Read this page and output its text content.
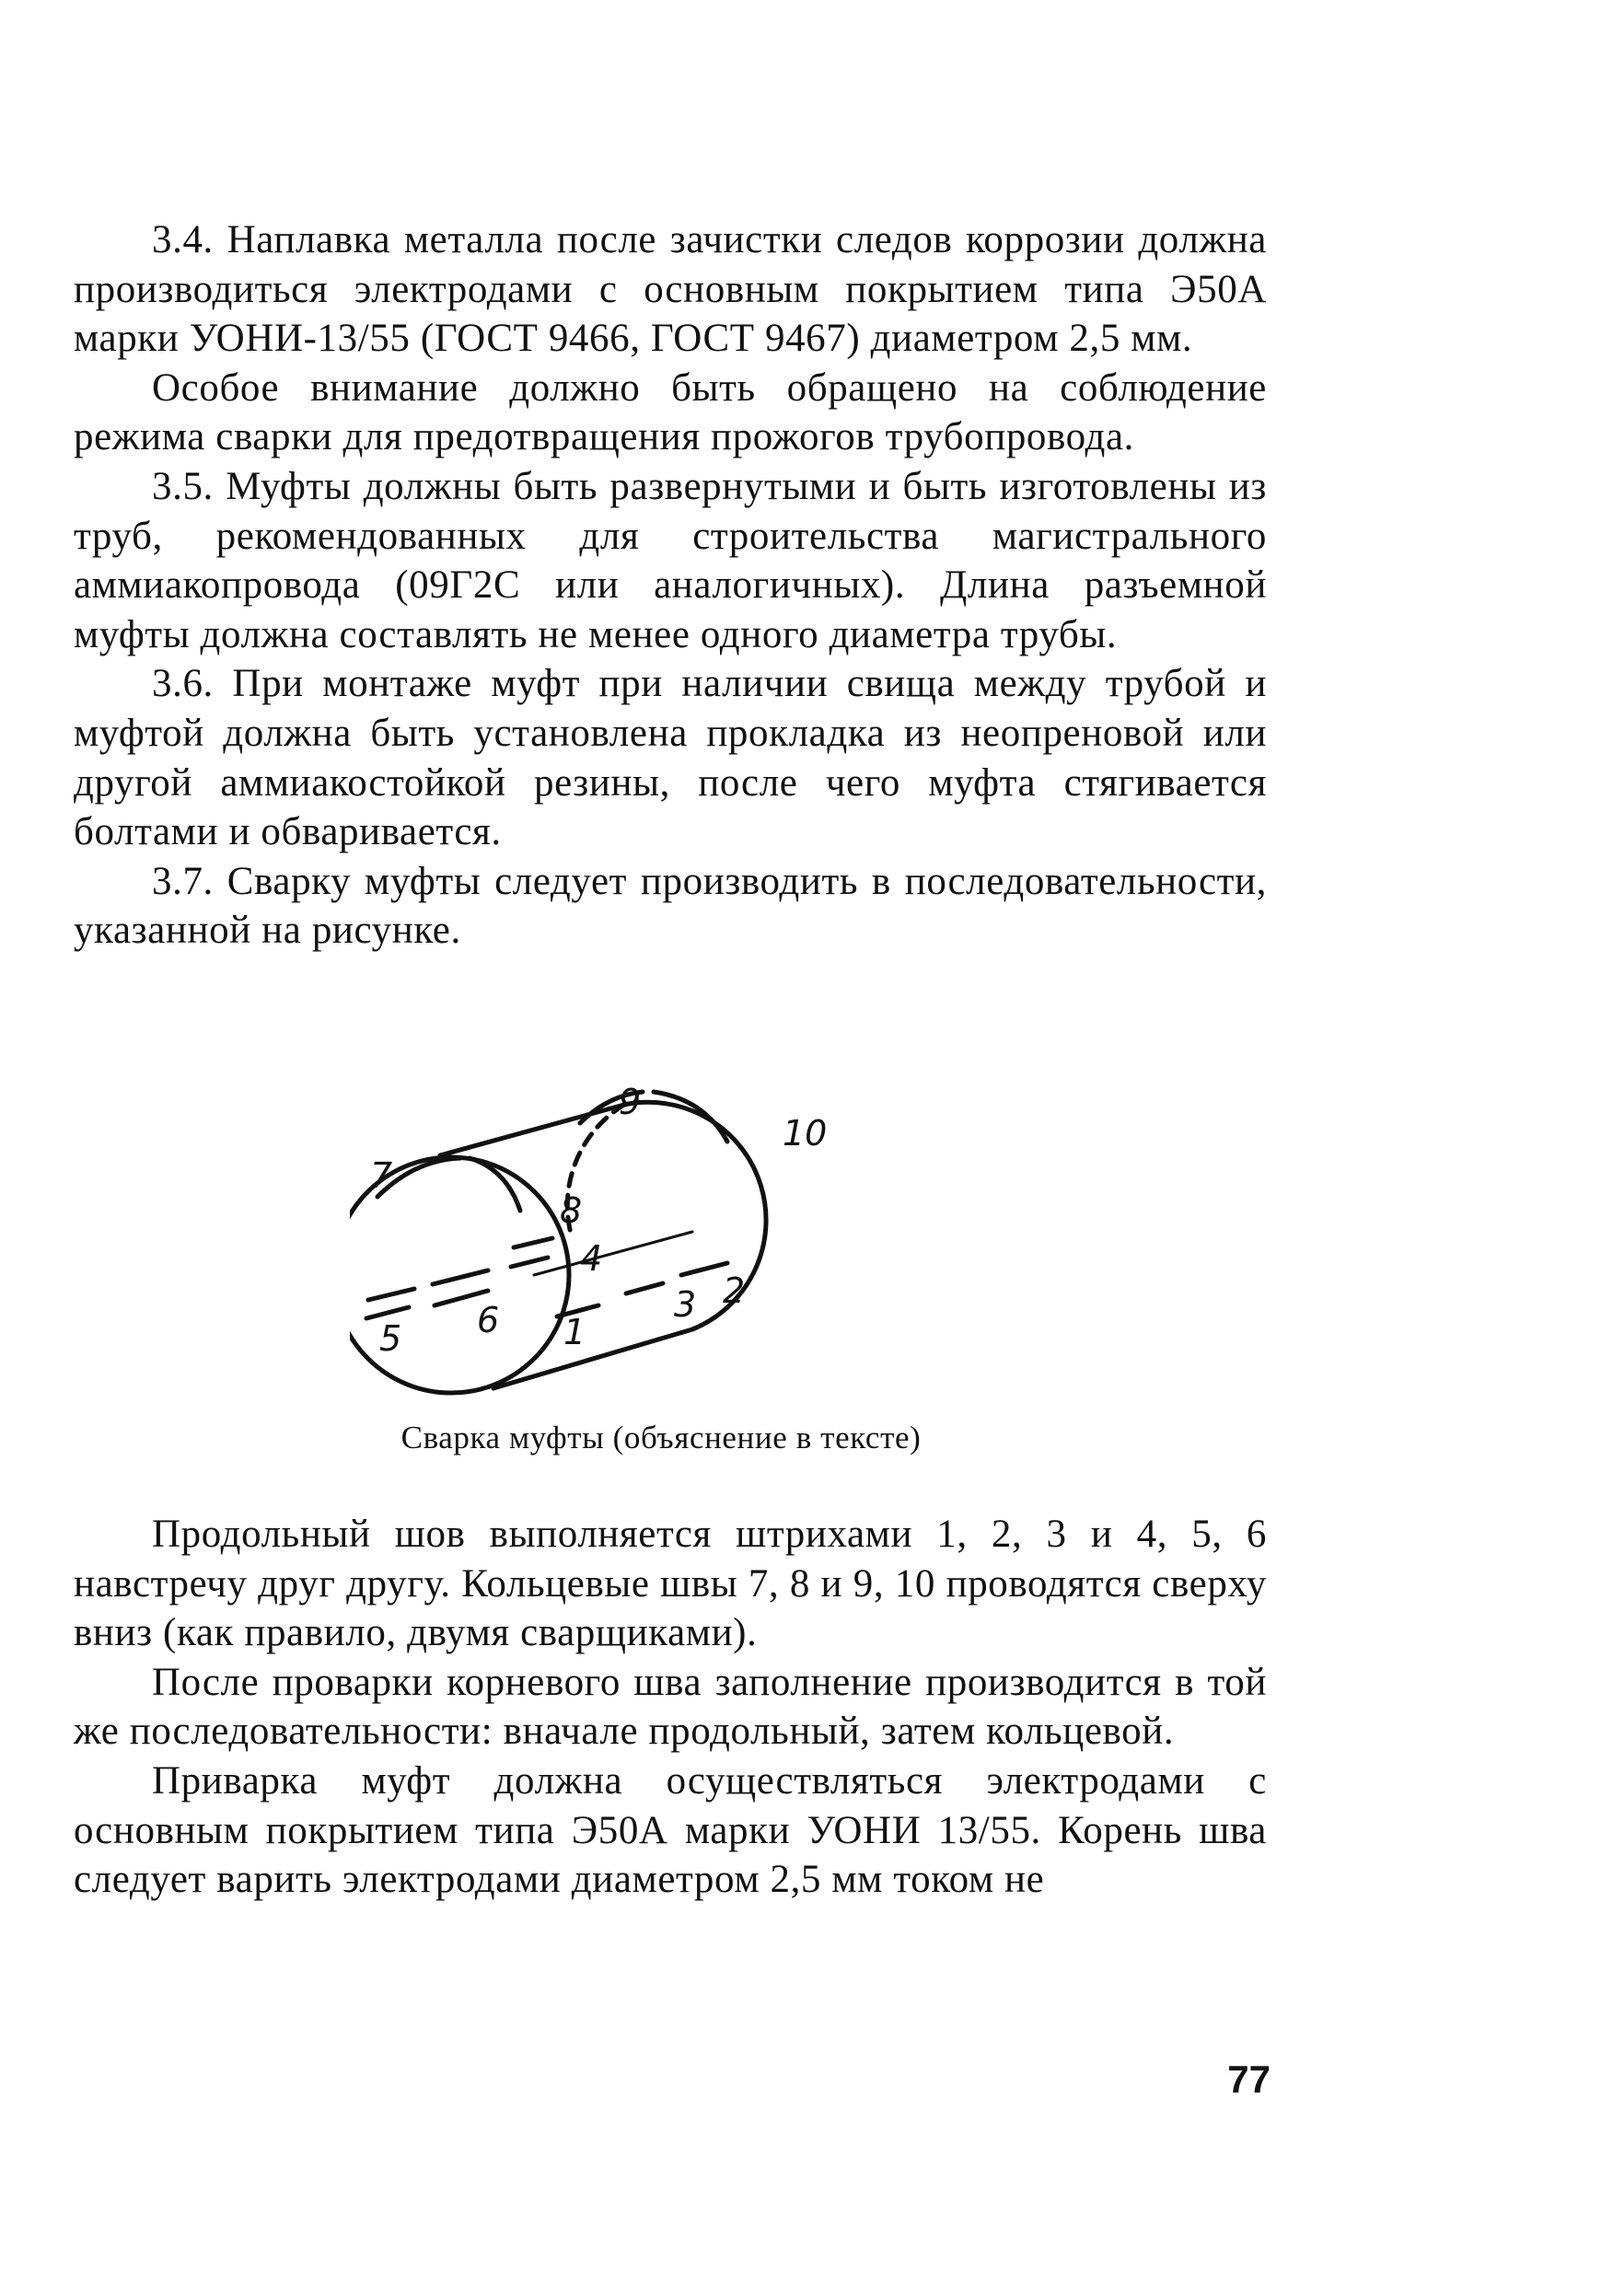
3.4. Наплавка металла после зачистки следов коррозии должна производиться электродами с основным покрытием типа Э50А марки УОНИ-13/55 (ГОСТ 9466, ГОСТ 9467) диаметром 2,5 мм.

Особое внимание должно быть обращено на соблюдение режима сварки для предотвращения прожогов трубопровода.

3.5. Муфты должны быть развернутыми и быть изготовлены из труб, рекомендованных для строительства магистрального аммиакопровода (09Г2С или аналогичных). Длина разъемной муфты должна составлять не менее одного диаметра трубы.

3.6. При монтаже муфт при наличии свища между трубой и муфтой должна быть установлена прокладка из неопреновой или другой аммиакостойкой резины, после чего муфта стягивается болтами и обваривается.

3.7. Сварку муфты следует производить в последовательности, указанной на рисунке.

1
2
3
4
5 6
7
8
9
10
Сварка муфты (объяснение в тексте)

Продольный шов выполняется штрихами 1, 2, 3 и 4, 5, 6 навстречу друг другу. Кольцевые швы 7, 8 и 9, 10 проводятся сверху вниз (как правило, двумя сварщиками).

После проварки корневого шва заполнение производится в той же последовательности: вначале продольный, затем кольцевой.

Приварка муфт должна осуществляться электродами с основным покрытием типа Э50А марки УОНИ 13/55. Корень шва следует варить электродами диаметром 2,5 мм током не

77
